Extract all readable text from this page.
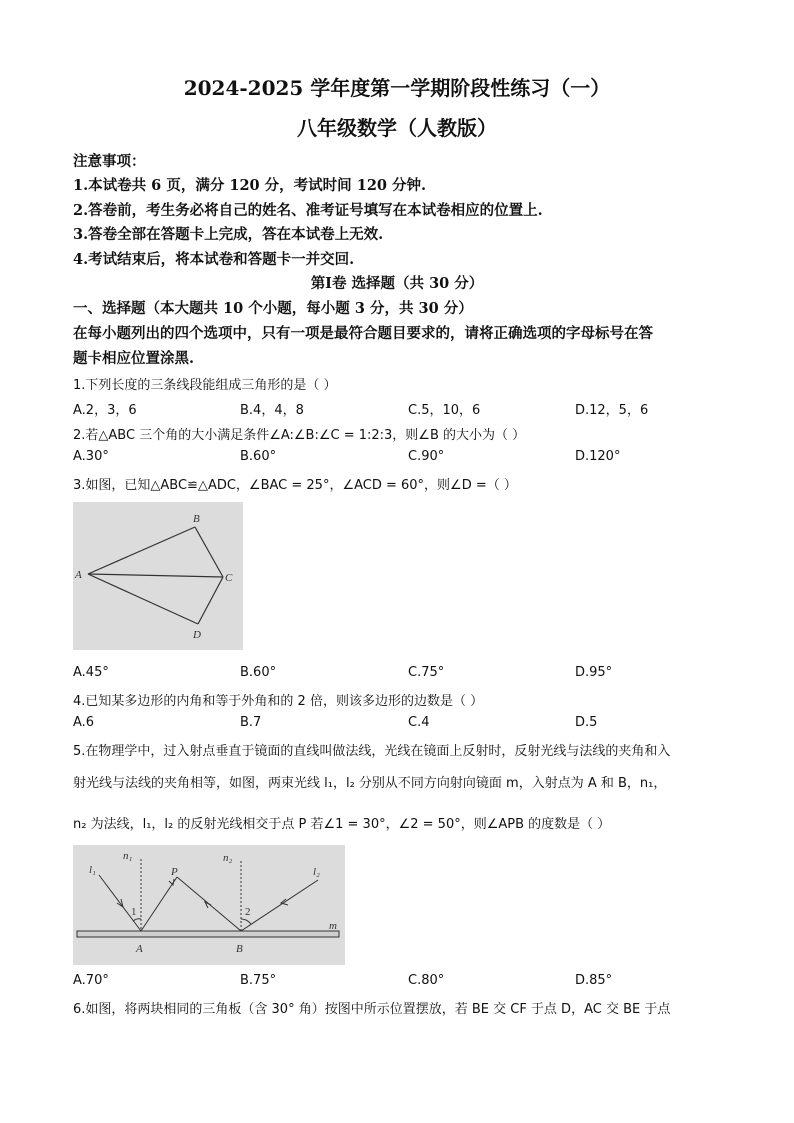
2024-2025 学年度第一学期阶段性练习（一）
八年级数学（人教版）
注意事项：
1.本试卷共 6 页，满分 120 分，考试时间 120 分钟.
2.答卷前，考生务必将自己的姓名、准考证号填写在本试卷相应的位置上.
3.答卷全部在答题卡上完成，答在本试卷上无效.
4.考试结束后，将本试卷和答题卡一并交回.
第Ⅰ卷 选择题（共 30 分）
一、选择题（本大题共 10 个小题，每小题 3 分，共 30 分）
在每小题列出的四个选项中，只有一项是最符合题目要求的，请将正确选项的字母标号在答
题卡相应位置涂黑.
1.下列长度的三条线段能组成三角形的是（ ）
A.2，3，6	B.4，4，8	C.5，10，6	D.12，5，6
2.若△ABC 三个角的大小满足条件∠A:∠B:∠C = 1:2:3，则∠B 的大小为（ ）
A.30°	B.60°	C.90°	D.120°
3.如图，已知△ABC≌△ADC，∠BAC = 25°，∠ACD = 60°，则∠D =（ ）
A
B
C
D
A.45°	B.60°	C.75°	D.95°
4.已知某多边形的内角和等于外角和的 2 倍，则该多边形的边数是（ ）
A.6	B.7	C.4	D.5
5.在物理学中，过入射点垂直于镜面的直线叫做法线，光线在镜面上反射时，反射光线与法线的夹角和入
射光线与法线的夹角相等，如图，两束光线 l₁，l₂ 分别从不同方向射向镜面 m，入射点为 A 和 B，n₁，
n₂ 为法线，l₁，l₂ 的反射光线相交于点 P 若∠1 = 30°，∠2 = 50°，则∠APB 的度数是（ ）
l₁
n₁
P
n₂
l₂
1	2
A	B
m
A.70°	B.75°	C.80°	D.85°
6.如图，将两块相同的三角板（含 30° 角）按图中所示位置摆放，若 BE 交 CF 于点 D，AC 交 BE 于点
